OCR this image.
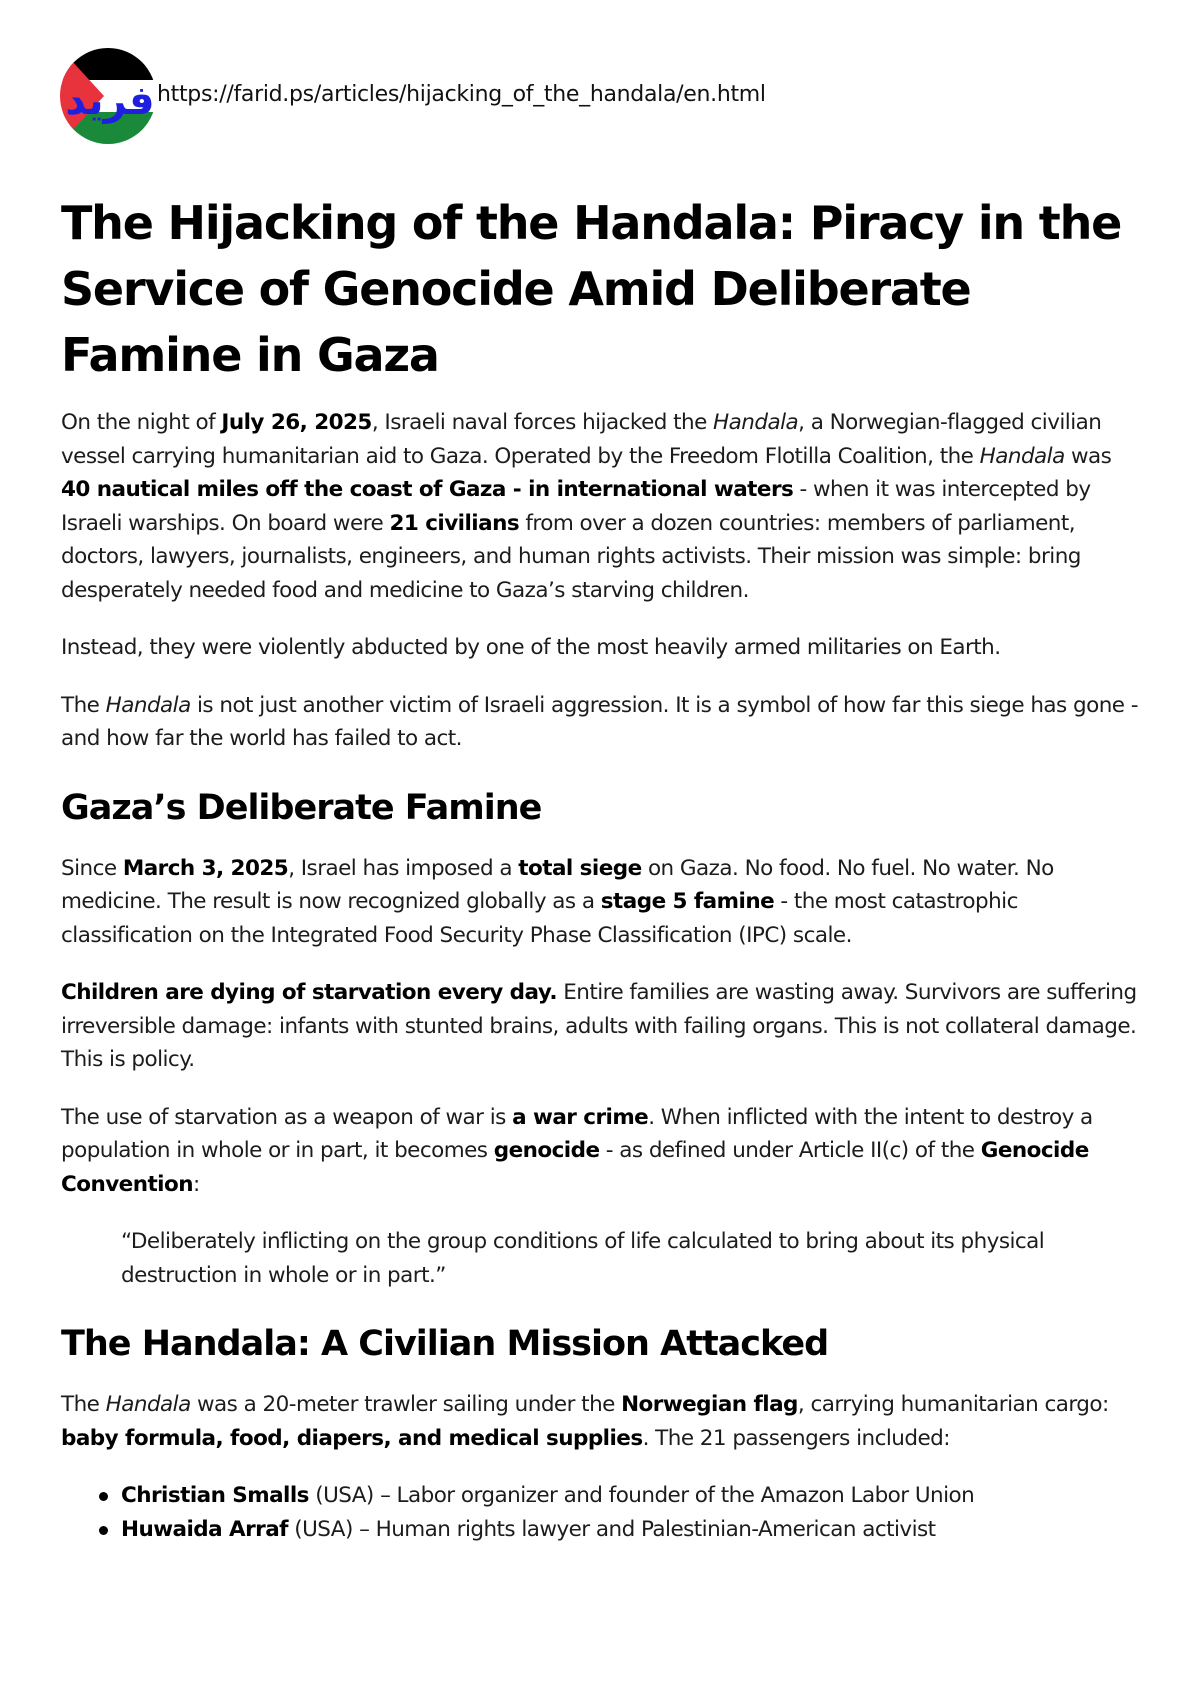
فريد https://farid.ps/articles/hijacking_of_the_handala/en.html
The Hijacking of the Handala: Piracy in the Service of Genocide Amid Deliberate Famine in Gaza

On the night of July 26, 2025, Israeli naval forces hijacked the Handala, a Norwegian-flagged civilian vessel carrying humanitarian aid to Gaza. Operated by the Freedom Flotilla Coalition, the Handala was 40 nautical miles off the coast of Gaza - in international waters - when it was intercepted by Israeli warships. On board were 21 civilians from over a dozen countries: members of parliament, doctors, lawyers, journalists, engineers, and human rights activists. Their mission was simple: bring desperately needed food and medicine to Gaza’s starving children.

Instead, they were violently abducted by one of the most heavily armed militaries on Earth.

The Handala is not just another victim of Israeli aggression. It is a symbol of how far this siege has gone - and how far the world has failed to act.

Gaza’s Deliberate Famine

Since March 3, 2025, Israel has imposed a total siege on Gaza. No food. No fuel. No water. No medicine. The result is now recognized globally as a stage 5 famine - the most catastrophic classification on the Integrated Food Security Phase Classification (IPC) scale.

Children are dying of starvation every day. Entire families are wasting away. Survivors are suffering irreversible damage: infants with stunted brains, adults with failing organs. This is not collateral damage. This is policy.

The use of starvation as a weapon of war is a war crime. When inflicted with the intent to destroy a population in whole or in part, it becomes genocide - as defined under Article II(c) of the Genocide Convention:

“Deliberately inflicting on the group conditions of life calculated to bring about its physical destruction in whole or in part.”
The Handala: A Civilian Mission Attacked

The Handala was a 20-meter trawler sailing under the Norwegian flag, carrying humanitarian cargo: baby formula, food, diapers, and medical supplies. The 21 passengers included:

Christian Smalls (USA) – Labor organizer and founder of the Amazon Labor Union
Huwaida Arraf (USA) – Human rights lawyer and Palestinian-American activist
